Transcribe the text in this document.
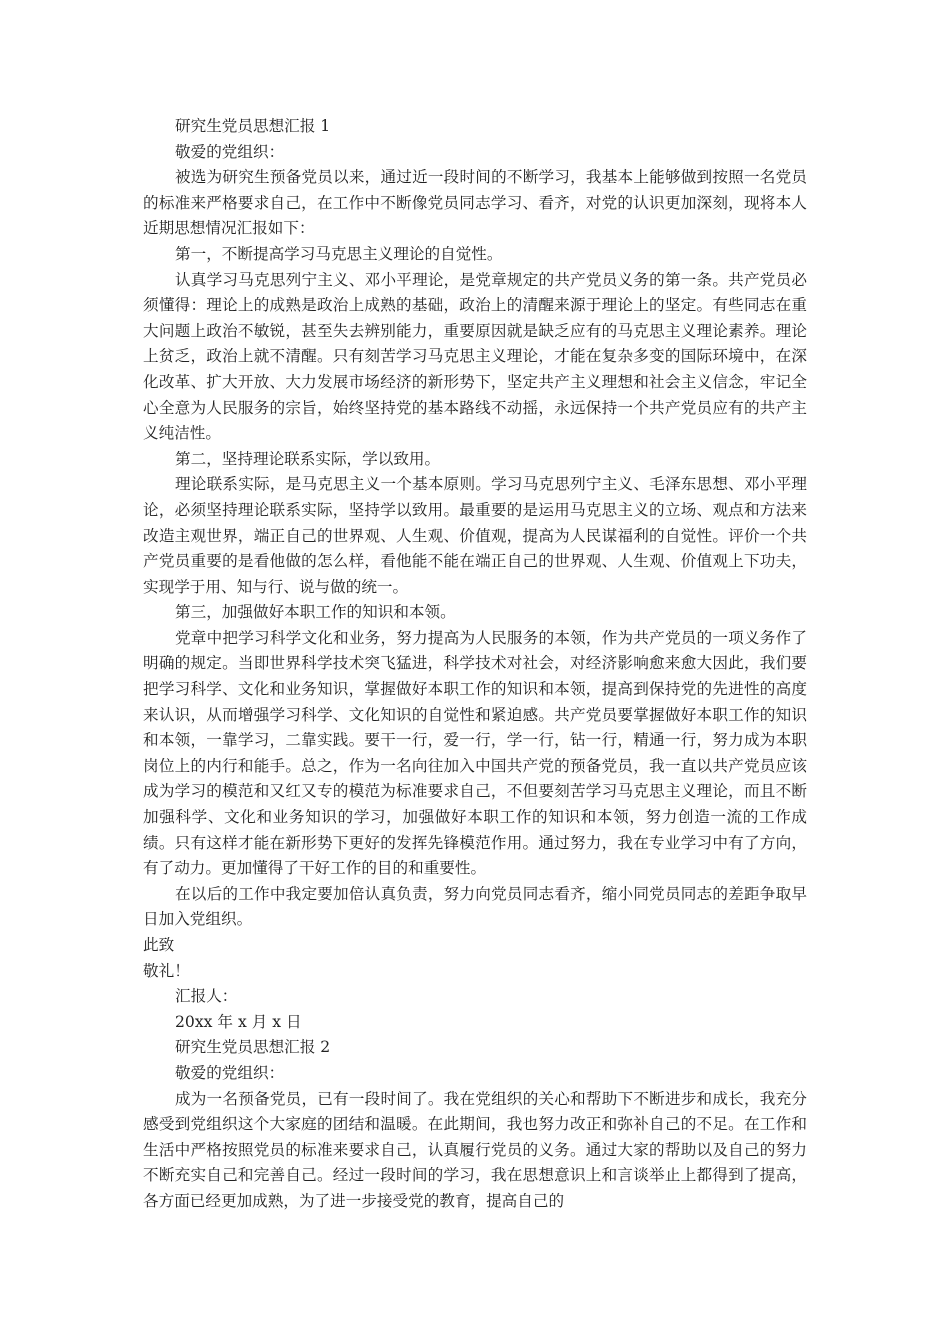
研究生党员思想汇报 1

敬爱的党组织：

被选为研究生预备党员以来，通过近一段时间的不断学习，我基本上能够做到按照一名党员的标准来严格要求自己，在工作中不断像党员同志学习、看齐，对党的认识更加深刻，现将本人近期思想情况汇报如下：

第一，不断提高学习马克思主义理论的自觉性。

认真学习马克思列宁主义、邓小平理论，是党章规定的共产党员义务的第一条。共产党员必须懂得：理论上的成熟是政治上成熟的基础，政治上的清醒来源于理论上的坚定。有些同志在重大问题上政治不敏锐，甚至失去辨别能力，重要原因就是缺乏应有的马克思主义理论素养。理论上贫乏，政治上就不清醒。只有刻苦学习马克思主义理论，才能在复杂多变的国际环境中，在深化改革、扩大开放、大力发展市场经济的新形势下，坚定共产主义理想和社会主义信念，牢记全心全意为人民服务的宗旨，始终坚持党的基本路线不动摇，永远保持一个共产党员应有的共产主义纯洁性。

第二，坚持理论联系实际，学以致用。

理论联系实际，是马克思主义一个基本原则。学习马克思列宁主义、毛泽东思想、邓小平理论，必须坚持理论联系实际，坚持学以致用。最重要的是运用马克思主义的立场、观点和方法来改造主观世界，端正自己的世界观、人生观、价值观，提高为人民谋福利的自觉性。评价一个共产党员重要的是看他做的怎么样，看他能不能在端正自己的世界观、人生观、价值观上下功夫，实现学于用、知与行、说与做的统一。

第三，加强做好本职工作的知识和本领。

党章中把学习科学文化和业务，努力提高为人民服务的本领，作为共产党员的一项义务作了明确的规定。当即世界科学技术突飞猛进，科学技术对社会，对经济影响愈来愈大因此，我们要把学习科学、文化和业务知识，掌握做好本职工作的知识和本领，提高到保持党的先进性的高度来认识，从而增强学习科学、文化知识的自觉性和紧迫感。共产党员要掌握做好本职工作的知识和本领，一靠学习，二靠实践。要干一行，爱一行，学一行，钻一行，精通一行，努力成为本职岗位上的内行和能手。总之，作为一名向往加入中国共产党的预备党员，我一直以共产党员应该成为学习的模范和又红又专的模范为标准要求自己，不但要刻苦学习马克思主义理论，而且不断加强科学、文化和业务知识的学习，加强做好本职工作的知识和本领，努力创造一流的工作成绩。只有这样才能在新形势下更好的发挥先锋模范作用。通过努力，我在专业学习中有了方向，有了动力。更加懂得了干好工作的目的和重要性。

在以后的工作中我定要加倍认真负责，努力向党员同志看齐，缩小同党员同志的差距争取早日加入党组织。

此致

敬礼！

汇报人：

20xx 年 x 月 x 日

研究生党员思想汇报 2

敬爱的党组织：

成为一名预备党员，已有一段时间了。我在党组织的关心和帮助下不断进步和成长，我充分感受到党组织这个大家庭的团结和温暖。在此期间，我也努力改正和弥补自己的不足。在工作和生活中严格按照党员的标准来要求自己，认真履行党员的义务。通过大家的帮助以及自己的努力不断充实自己和完善自己。经过一段时间的学习，我在思想意识上和言谈举止上都得到了提高，各方面已经更加成熟，为了进一步接受党的教育，提高自己的
